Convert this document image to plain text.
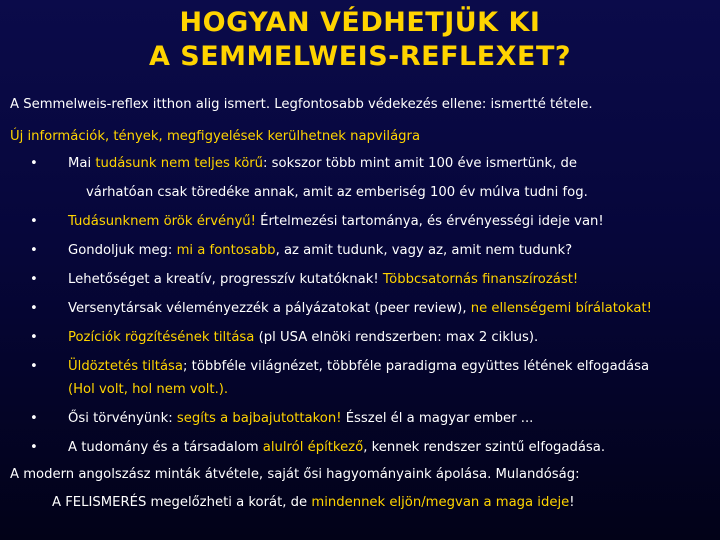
HOGYAN VÉDHETJÜK KI
A SEMMELWEIS-REFLEXET?
A Semmelweis-reflex itthon alig ismert. Legfontosabb védekezés ellene: ismertté tétele.
Új információk, tények, megfigyelések kerülhetnek napvilágra
• Mai tudásunk nem teljes körű: sokszor több mint amit 100 éve ismertünk, de
várhatóan csak töredéke annak, amit az emberiség 100 év múlva tudni fog.
• Tudásunknem örök érvényű! Értelmezési tartománya, és érvényességi ideje van!
• Gondoljuk meg: mi a fontosabb, az amit tudunk, vagy az, amit nem tudunk?
• Lehetőséget a kreatív, progresszív kutatóknak! Többcsatornás finanszírozást!
• Versenytársak véleményezzék a pályázatokat (peer review), ne ellenségemi bírálatokat!
• Pozíciók rögzítésének tiltása (pl USA elnöki rendszerben: max 2 ciklus).
• Üldöztetés tiltása; többféle világnézet, többféle paradigma együttes létének elfogadása
(Hol volt, hol nem volt.).
• Ősi törvényünk: segíts a bajbajutottakon! Ésszel él a magyar ember ...
• A tudomány és a társadalom alulról építkező, kennek rendszer szintű elfogadása.
A modern angolszász minták átvétele, saját ősi hagyományaink ápolása. Mulandóság:
A FELISMERÉS megelőzheti a korát, de mindennek eljön/megvan a maga ideje!
